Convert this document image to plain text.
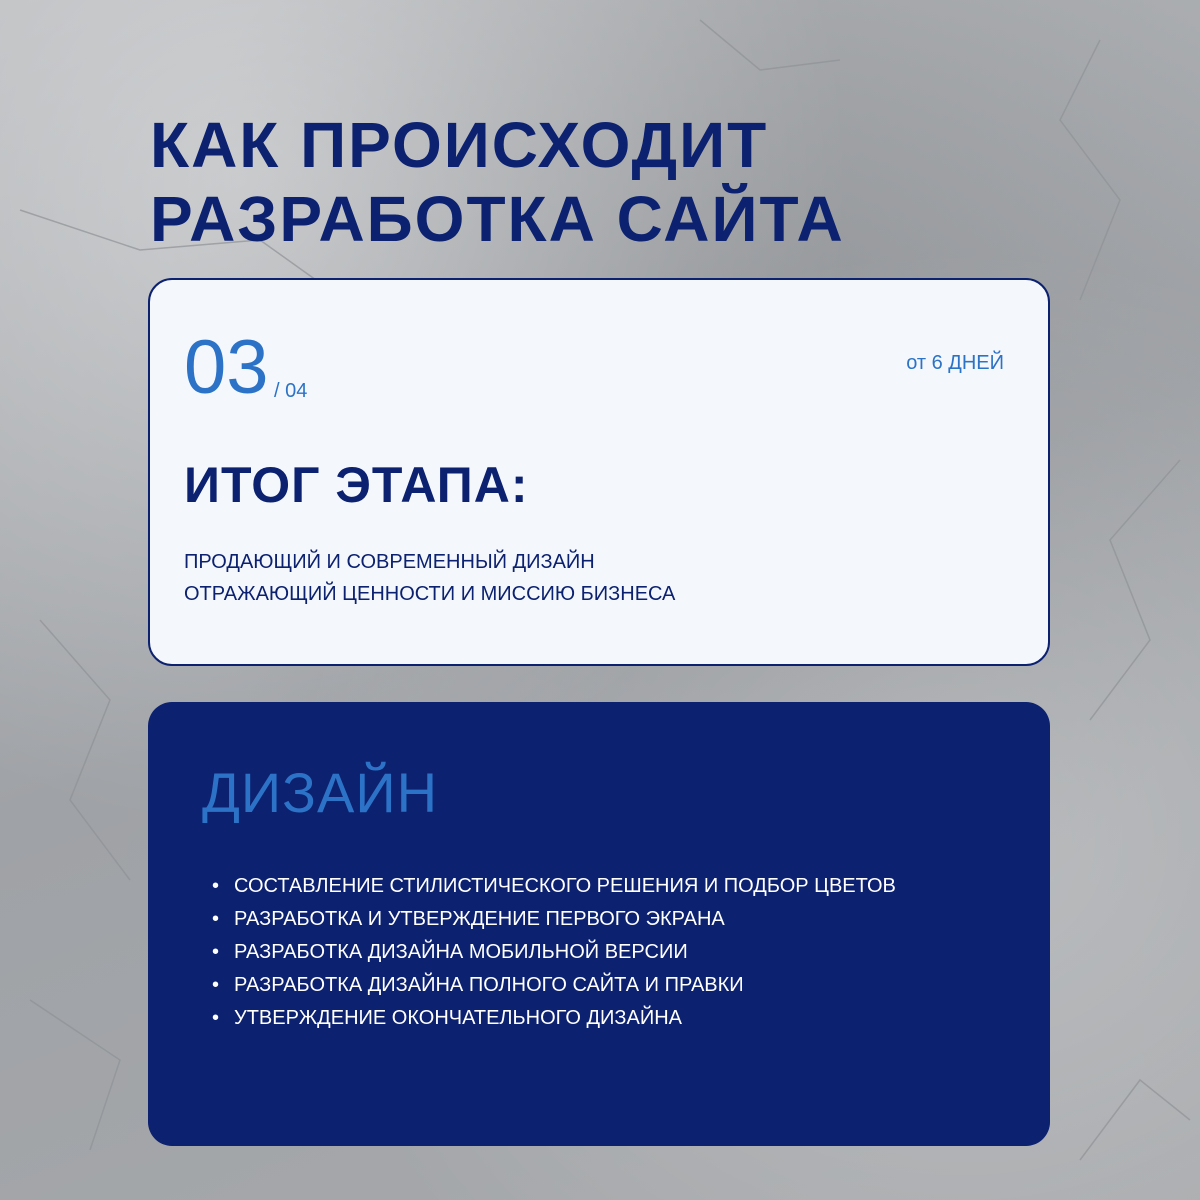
КАК ПРОИСХОДИТ
РАЗРАБОТКА САЙТА
03 / 04
от 6 ДНЕЙ
ИТОГ ЭТАПА:
ПРОДАЮЩИЙ И СОВРЕМЕННЫЙ ДИЗАЙН
ОТРАЖАЮЩИЙ ЦЕННОСТИ И МИССИЮ БИЗНЕСА
ДИЗАЙН
• СОСТАВЛЕНИЕ СТИЛИСТИЧЕСКОГО РЕШЕНИЯ И ПОДБОР ЦВЕТОВ
• РАЗРАБОТКА И УТВЕРЖДЕНИЕ ПЕРВОГО ЭКРАНА
• РАЗРАБОТКА ДИЗАЙНА МОБИЛЬНОЙ ВЕРСИИ
• РАЗРАБОТКА ДИЗАЙНА ПОЛНОГО САЙТА И ПРАВКИ
• УТВЕРЖДЕНИЕ ОКОНЧАТЕЛЬНОГО ДИЗАЙНА
